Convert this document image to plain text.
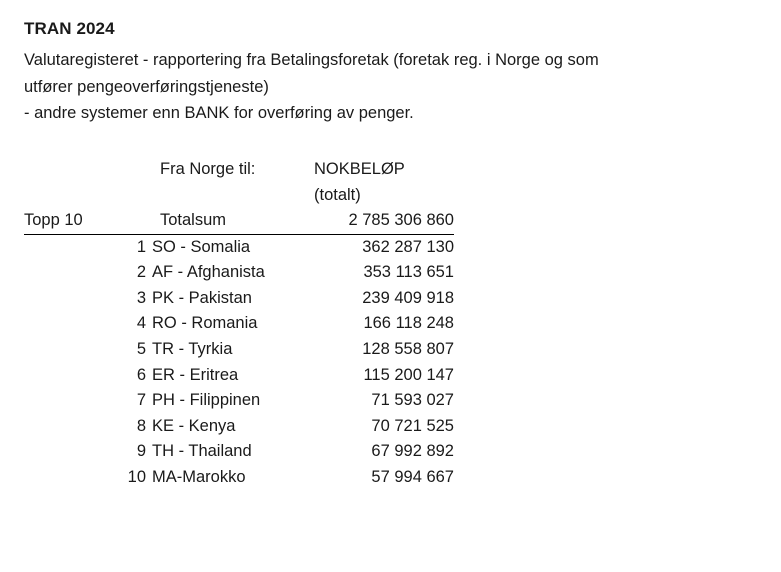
TRAN 2024

Valutaregisteret - rapportering fra Betalingsforetak (foretak reg. i Norge og som
utfører pengeoverføringstjeneste)
- andre systemer enn BANK for overføring av penger.

	Fra Norge til:	NOKBELØP
		(totalt)
Topp 10	Totalsum	2 785 306 860

1	SO - Somalia	362 287 130
2	AF - Afghanista	353 113 651
3	PK - Pakistan	239 409 918
4	RO - Romania	166 118 248
5	TR - Tyrkia	128 558 807
6	ER - Eritrea	115 200 147
7	PH - Filippinen	71 593 027
8	KE - Kenya	70 721 525
9	TH - Thailand	67 992 892
10	MA-Marokko	57 994 667
